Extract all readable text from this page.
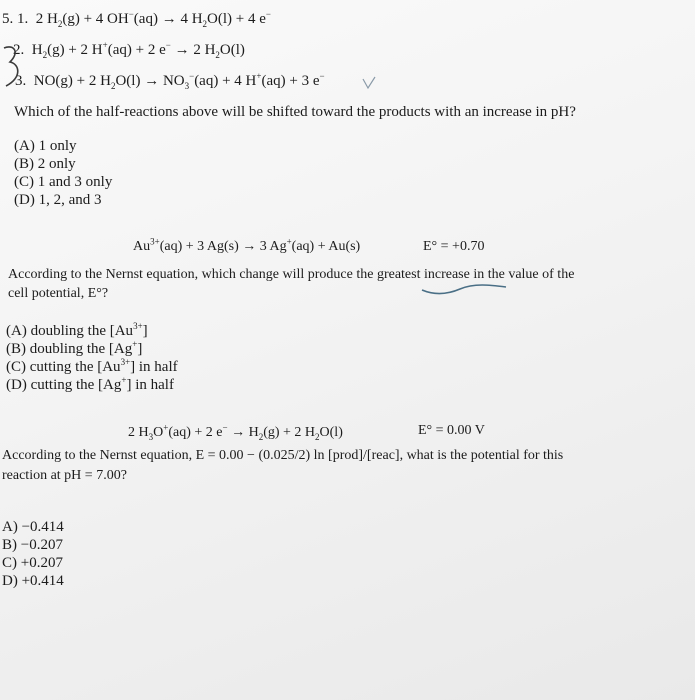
5. 1. 2 $H_2(g) + 4$ OH−(aq) → 4 $H_2O(l) + 4$ e−
2. $H_2(g) + 2$ H+(aq) + 2 e− → 2 $H_2O(l)$
3. NO(g) + 2 $H_2O(l) \to NO_3^-(aq) + 4$ H+(aq) + 3 e−
Which of the half-reactions above will be shifted toward the products with an increase in pH?
(A) 1 only
(B) 2 only
(C) 1 and 3 only
(D) 1, 2, and 3
$Au^{3+}(aq) + 3$ Ag(s) → 3 Ag+(aq) + Au(s)	E° = +0.70
According to the Nernst equation, which change will produce the greatest increase in the value of the
cell potential, E°?
(A) doubling the $[Au^{3+}]$
(B) doubling the [Ag+]
(C) cutting the $[Au^{3+}]$ in half
(D) cutting the [Ag+] in half
2 $H_3O^+(aq) + 2$ $e^- \to H_2(g) + 2$ $H_2O(l)$	E° = 0.00 V
According to the Nernst equation, E = 0.00 − (0.025/2) ln [prod]/[reac], what is the potential for this
reaction at pH = 7.00?
A) −0.414
B) −0.207
C) +0.207
D) +0.414
